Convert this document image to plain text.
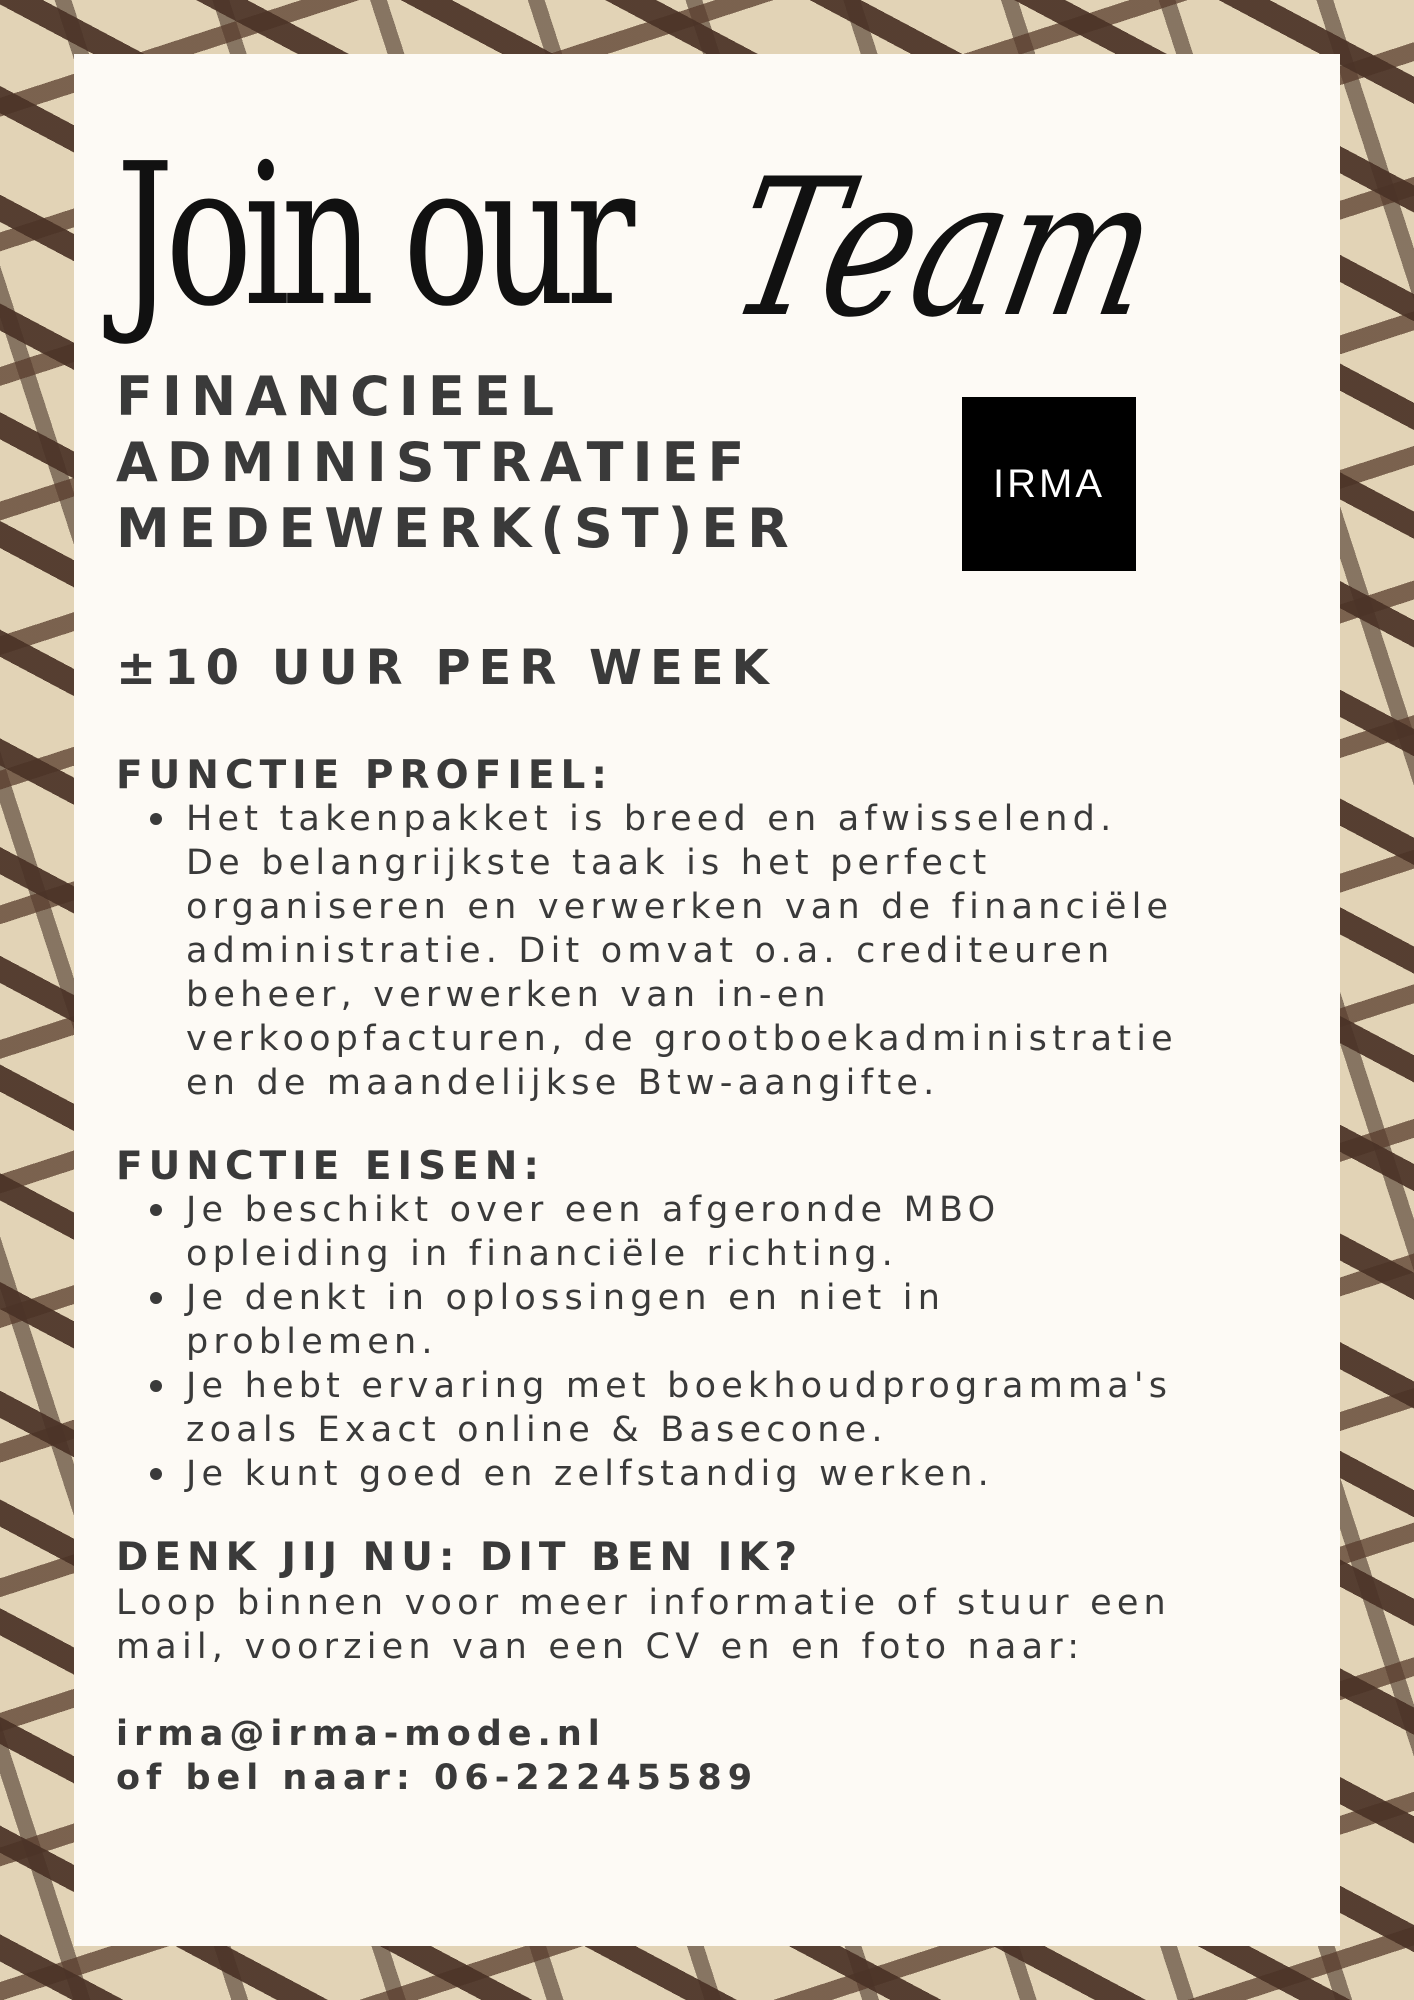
Join our Team
FINANCIEEL
ADMINISTRATIEF
MEDEWERK(ST)ER
IRMA
±10 UUR PER WEEK
FUNCTIE PROFIEL:
Het takenpakket is breed en afwisselend.
De belangrijkste taak is het perfect
organiseren en verwerken van de financiële
administratie. Dit omvat o.a. crediteuren
beheer, verwerken van in-en
verkoopfacturen, de grootboekadministratie
en de maandelijkse Btw-aangifte.
FUNCTIE EISEN:
Je beschikt over een afgeronde MBO
opleiding in financiële richting.
Je denkt in oplossingen en niet in
problemen.
Je hebt ervaring met boekhoudprogramma's
zoals Exact online & Basecone.
Je kunt goed en zelfstandig werken.
DENK JIJ NU: DIT BEN IK?

Loop binnen voor meer informatie of stuur een
mail, voorzien van een CV en en foto naar:

irma@irma-mode.nl
of bel naar: 06-22245589
